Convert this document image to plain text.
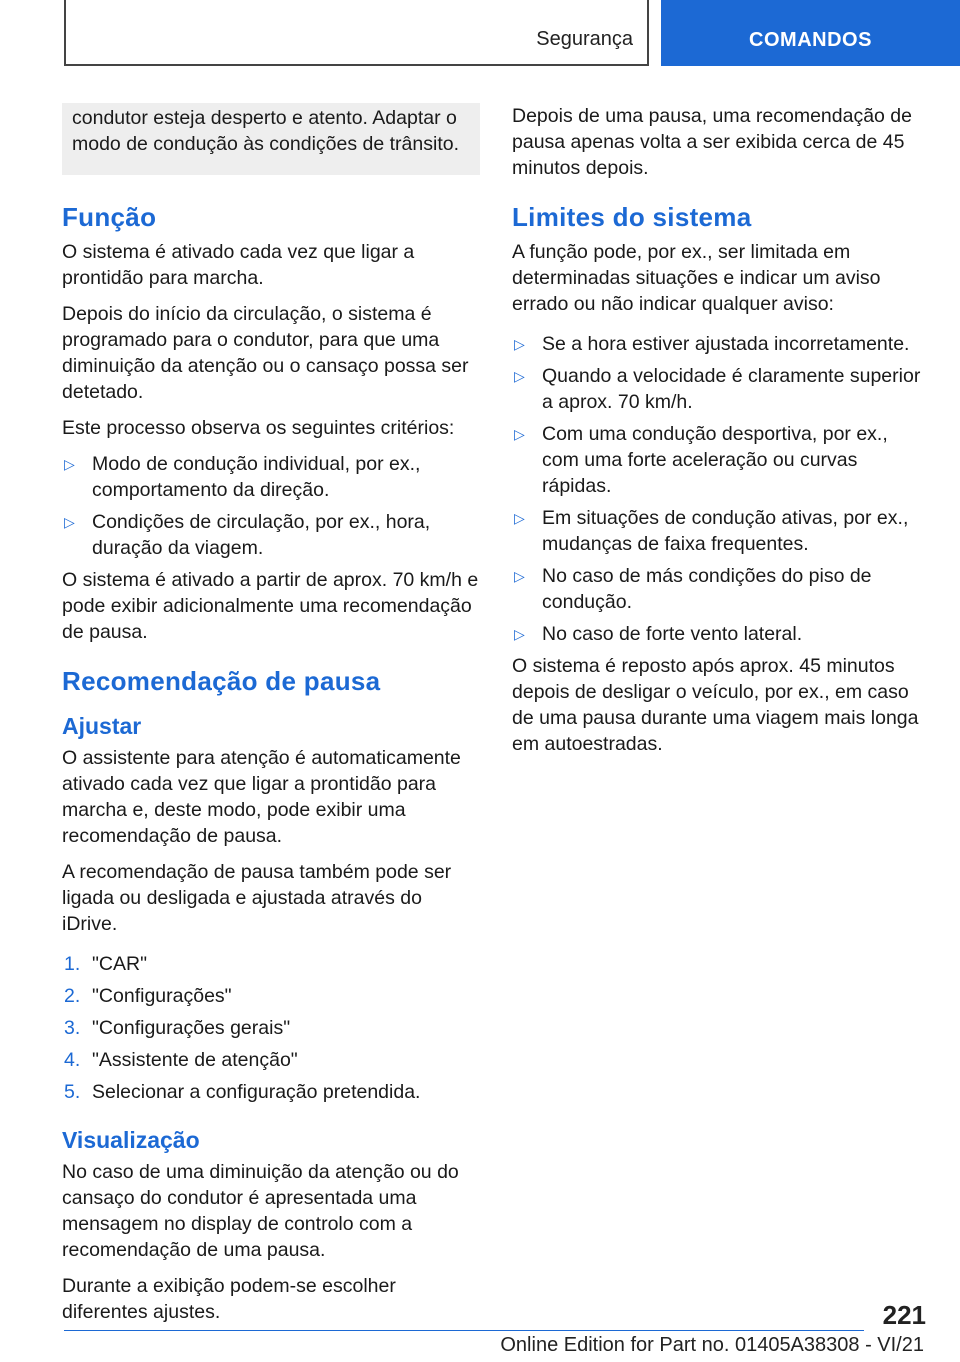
Segurança	COMANDOS

condutor esteja desperto e atento. Adaptar o modo de condução às condições de trânsito.

Função

O sistema é ativado cada vez que ligar a prontidão para marcha.

Depois do início da circulação, o sistema é programado para o condutor, para que uma diminuição da atenção ou o cansaço possa ser detetado.

Este processo observa os seguintes critérios:

▷ Modo de condução individual, por ex., comportamento da direção.
▷ Condições de circulação, por ex., hora, duração da viagem.

O sistema é ativado a partir de aprox. 70 km/h e pode exibir adicionalmente uma recomendação de pausa.

Recomendação de pausa
Ajustar

O assistente para atenção é automaticamente ativado cada vez que ligar a prontidão para marcha e, deste modo, pode exibir uma recomendação de pausa.

A recomendação de pausa também pode ser ligada ou desligada e ajustada através do iDrive.

1. "CAR"
2. "Configurações"
3. "Configurações gerais"
4. "Assistente de atenção"
5. Selecionar a configuração pretendida.
Visualização

No caso de uma diminuição da atenção ou do cansaço do condutor é apresentada uma mensagem no display de controlo com a recomendação de uma pausa.

Durante a exibição podem-se escolher diferentes ajustes.

Depois de uma pausa, uma recomendação de pausa apenas volta a ser exibida cerca de 45 minutos depois.

Limites do sistema

A função pode, por ex., ser limitada em determinadas situações e indicar um aviso errado ou não indicar qualquer aviso:

▷ Se a hora estiver ajustada incorretamente.
▷ Quando a velocidade é claramente superior a aprox. 70 km/h.
▷ Com uma condução desportiva, por ex., com uma forte aceleração ou curvas rápidas.
▷ Em situações de condução ativas, por ex., mudanças de faixa frequentes.
▷ No caso de más condições do piso de condução.
▷ No caso de forte vento lateral.

O sistema é reposto após aprox. 45 minutos depois de desligar o veículo, por ex., em caso de uma pausa durante uma viagem mais longa em autoestradas.

221
Online Edition for Part no. 01405A38308 - VI/21
